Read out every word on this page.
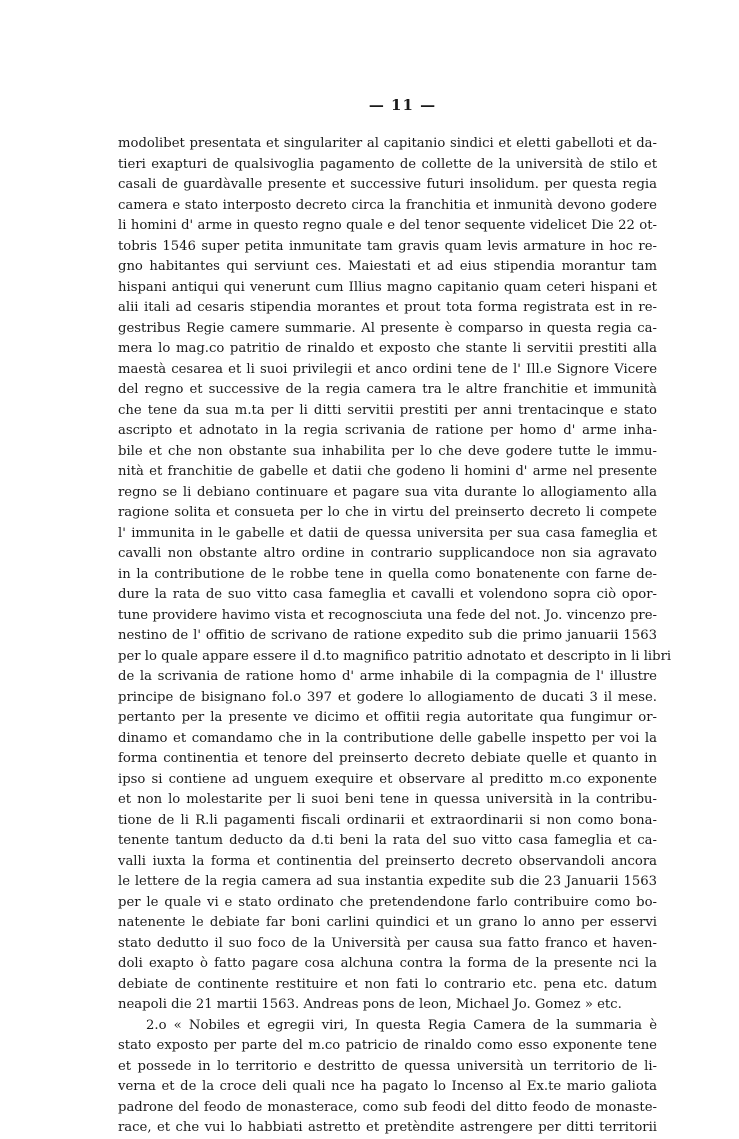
— 11 —
modolibet presentata et singulariter al capitanio sindici et eletti gabelloti et da-
tieri exapturi de qualsivoglia pagamento de collette de la università de stilo et
casali de guardàvalle presente et successive futuri insolidum. per questa regia
camera e stato interposto decreto circa la franchitia et inmunità devono godere
li homini d' arme in questo regno quale e del tenor sequente videlicet Die 22 ot-
tobris 1546 super petita inmunitate tam gravis quam levis armature in hoc re-
gno habitantes qui serviunt ces. Maiestati et ad eius stipendia morantur tam
hispani antiqui qui venerunt cum Illius magno capitanio quam ceteri hispani et
alii itali ad cesaris stipendia morantes et prout tota forma registrata est in re-
gestribus Regie camere summarie. Al presente è comparso in questa regia ca-
mera lo mag.co patritio de rinaldo et exposto che stante li servitii prestiti alla
maestà cesarea et li suoi privilegii et anco ordini tene de l' Ill.e Signore Vicere
del regno et successive de la regia camera tra le altre franchitie et immunità
che tene da sua m.ta per li ditti servitii prestiti per anni trentacinque e stato
ascripto et adnotato in la regia scrivania de ratione per homo d' arme inha-
bile et che non obstante sua inhabilita per lo che deve godere tutte le immu-
nità et franchitie de gabelle et datii che godeno li homini d' arme nel presente
regno se li debiano continuare et pagare sua vita durante lo allogiamento alla
ragione solita et consueta per lo che in virtu del preinserto decreto li compete
l' immunita in le gabelle et datii de quessa universita per sua casa fameglia et
cavalli non obstante altro ordine in contrario supplicandoce non sia agravato
in la contributione de le robbe tene in quella como bonatenente con farne de-
dure la rata de suo vitto casa fameglia et cavalli et volendono sopra ciò opor-
tune providere havimo vista et recognosciuta una fede del not. Jo. vincenzo pre-
nestino de l' offitio de scrivano de ratione expedito sub die primo januarii 1563
per lo quale appare essere il d.to magnifico patritio adnotato et descripto in li libri
de la scrivania de ratione homo d' arme inhabile di la compagnia de l' illustre
principe de bisignano fol.o 397 et godere lo allogiamento de ducati 3 il mese.
pertanto per la presente ve dicimo et offitii regia autoritate qua fungimur or-
dinamo et comandamo che in la contributione delle gabelle inspetto per voi la
forma continentia et tenore del preinserto decreto debiate quelle et quanto in
ipso si contiene ad unguem exequire et observare al preditto m.co exponente
et non lo molestarite per li suoi beni tene in quessa università in la contribu-
tione de li R.li pagamenti fiscali ordinarii et extraordinarii si non como bona-
tenente tantum deducto da d.ti beni la rata del suo vitto casa fameglia et ca-
valli iuxta la forma et continentia del preinserto decreto observandoli ancora
le lettere de la regia camera ad sua instantia expedite sub die 23 Januarii 1563
per le quale vi e stato ordinato che pretendendone farlo contribuire como bo-
natenente le debiate far boni carlini quindici et un grano lo anno per esservi
stato dedutto il suo foco de la Università per causa sua fatto franco et haven-
doli exapto ò fatto pagare cosa alchuna contra la forma de la presente nci la
debiate de continente restituire et non fati lo contrario etc. pena etc. datum
neapoli die 21 martii 1563. Andreas pons de leon, Michael Jo. Gomez » etc.
2.o « Nobiles et egregii viri, In questa Regia Camera de la summaria è
stato exposto per parte del m.co patricio de rinaldo como esso exponente tene
et possede in lo territorio e destritto de quessa università un territorio de li-
verna et de la croce deli quali nce ha pagato lo Incenso al Ex.te mario galiota
padrone del feodo de monasterace, como sub feodi del ditto feodo de monaste-
race, et che vui lo habbiati astretto et pretèndite astrengere per ditti territorii
